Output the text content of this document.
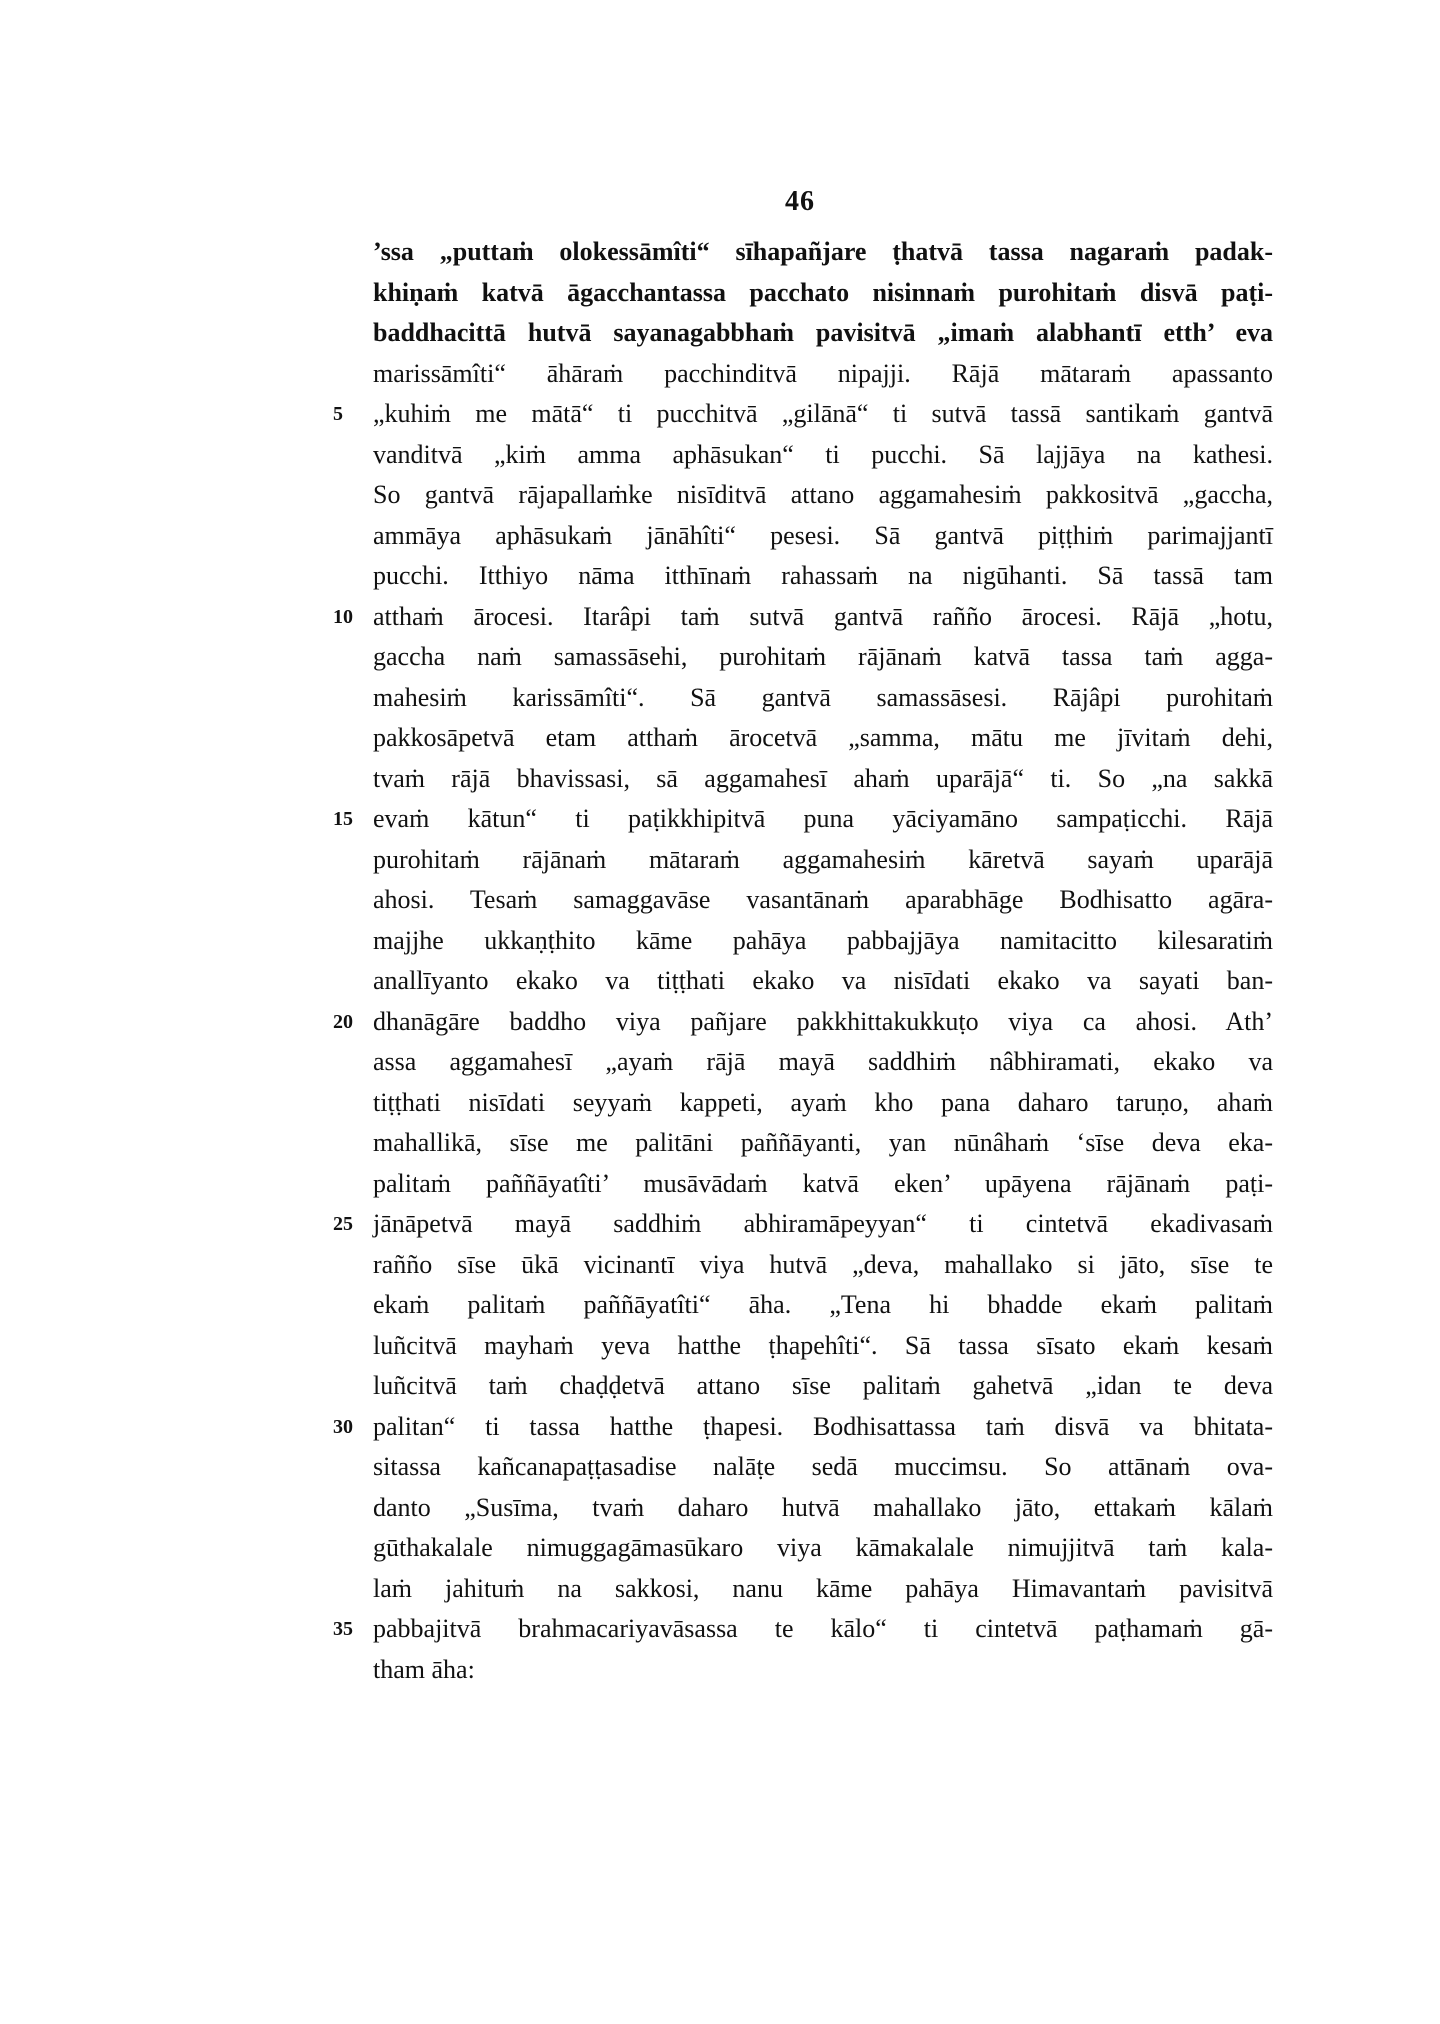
46
’ssa „puttaṁ olokessāmîti“ sīhapañjare ṭhatvā tassa nagaraṁ padak-
khiṇaṁ katvā āgacchantassa pacchato nisinnaṁ purohitaṁ disvā paṭi-
baddhacittā hutvā sayanagabbhaṁ pavisitvā „imaṁ alabhantī etth’ eva
marissāmîti“ āhāraṁ pacchinditvā nipajji. Rājā mātaraṁ apassanto
5	„kuhiṁ me mātā“ ti pucchitvā „gilānā“ ti sutvā tassā santikaṁ gantvā
vanditvā „kiṁ amma aphāsukan“ ti pucchi. Sā lajjāya na kathesi.
So gantvā rājapallaṁke nisīditvā attano aggamahesiṁ pakkositvā „gaccha,
ammāya aphāsukaṁ jānāhîti“ pesesi. Sā gantvā piṭṭhiṁ parimajjantī
pucchi. Itthiyo nāma itthīnaṁ rahassaṁ na nigūhanti. Sā tassā tam
10 atthaṁ ārocesi. Itarâpi taṁ sutvā gantvā rañño ārocesi. Rājā „hotu,
gaccha naṁ samassāsehi, purohitaṁ rājānaṁ katvā tassa taṁ agga-
mahesiṁ karissāmîti“. Sā gantvā samassāsesi. Rājâpi purohitaṁ
pakkosāpetvā etam atthaṁ ārocetvā „samma, mātu me jīvitaṁ dehi,
tvaṁ rājā bhavissasi, sā aggamahesī ahaṁ uparājā“ ti. So „na sakkā
15 evaṁ kātun“ ti paṭikkhipitvā puna yāciyamāno sampaṭicchi. Rājā
purohitaṁ rājānaṁ mātaraṁ aggamahesiṁ kāretvā sayaṁ uparājā
ahosi. Tesaṁ samaggavāse vasantānaṁ aparabhāge Bodhisatto agāra-
majjhe ukkaṇṭhito kāme pahāya pabbajjāya namitacitto kilesaratiṁ
anallīyanto ekako va tiṭṭhati ekako va nisīdati ekako va sayati ban-
20 dhanāgāre baddho viya pañjare pakkhittakukkuṭo viya ca ahosi. Ath’
assa aggamahesī „ayaṁ rājā mayā saddhiṁ nâbhiramati, ekako va
tiṭṭhati nisīdati seyyaṁ kappeti, ayaṁ kho pana daharo taruṇo, ahaṁ
mahallikā, sīse me palitāni paññāyanti, yan nūnâhaṁ ‘sīse deva eka-
palitaṁ paññāyatîti’ musāvādaṁ katvā eken’ upāyena rājānaṁ paṭi-
25 jānāpetvā mayā saddhiṁ abhiramāpeyyan“ ti cintetvā ekadivasaṁ
rañño sīse ūkā vicinantī viya hutvā „deva, mahallako si jāto, sīse te
ekaṁ palitaṁ paññāyatîti“ āha. „Tena hi bhadde ekaṁ palitaṁ
luñcitvā mayhaṁ yeva hatthe ṭhapehîti“. Sā tassa sīsato ekaṁ kesaṁ
luñcitvā taṁ chaḍḍetvā attano sīse palitaṁ gahetvā „idan te deva
30 palitan“ ti tassa hatthe ṭhapesi. Bodhisattassa taṁ disvā va bhitata-
sitassa kañcanapaṭṭasadise nalāṭe sedā muccimsu. So attānaṁ ova-
danto „Susīma, tvaṁ daharo hutvā mahallako jāto, ettakaṁ kālaṁ
gūthakalale nimuggagāmasūkaro viya kāmakalale nimujjitvā taṁ kala-
laṁ jahituṁ na sakkosi, nanu kāme pahāya Himavantaṁ pavisitvā
35 pabbajitvā brahmacariyavāsassa te kālo“ ti cintetvā paṭhamaṁ gā-
tham āha:
